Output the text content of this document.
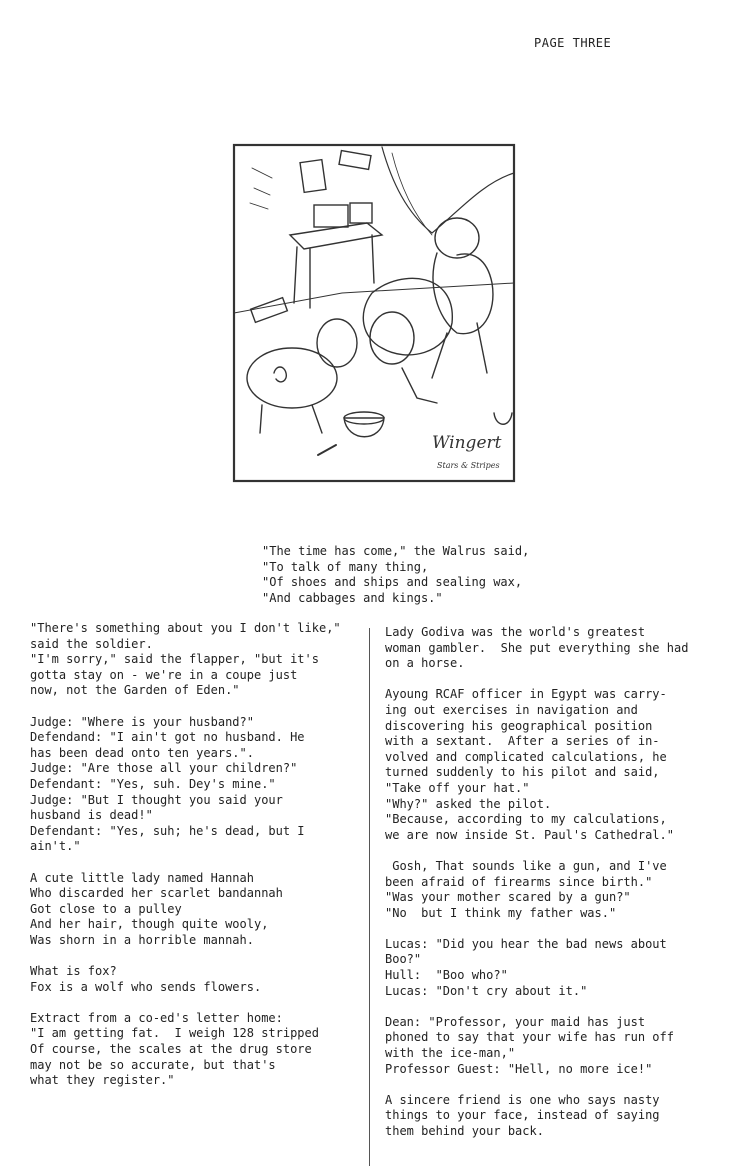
PAGE THREE
Wingert
Stars & Stripes
"The time has come," the Walrus said,
"To talk of many thing,
"Of shoes and ships and sealing wax,
"And cabbages and kings."
"There's something about you I don't like,"
said the soldier.
"I'm sorry," said the flapper, "but it's
gotta stay on - we're in a coupe just
now, not the Garden of Eden."
Judge: "Where is your husband?"
Defendand: "I ain't got no husband. He
has been dead onto ten years.".
Judge: "Are those all your children?"
Defendant: "Yes, suh. Dey's mine."
Judge: "But I thought you said your
husband is dead!"
Defendant: "Yes, suh; he's dead, but I
ain't."
A cute little lady named Hannah
Who discarded her scarlet bandannah
Got close to a pulley
And her hair, though quite wooly,
Was shorn in a horrible mannah.
What is fox?
Fox is a wolf who sends flowers.
Extract from a co-ed's letter home:
"I am getting fat.  I weigh 128 stripped
Of course, the scales at the drug store
may not be so accurate, but that's
what they register."
Lady Godiva was the world's greatest
woman gambler.  She put everything she had
on a horse.
Ayoung RCAF officer in Egypt was carry-
ing out exercises in navigation and
discovering his geographical position
with a sextant.  After a series of in-
volved and complicated calculations, he
turned suddenly to his pilot and said,
"Take off your hat."
"Why?" asked the pilot.
"Because, according to my calculations,
we are now inside St. Paul's Cathedral."
Gosh, That sounds like a gun, and I've
been afraid of firearms since birth."
"Was your mother scared by a gun?"
"No  but I think my father was."
Lucas: "Did you hear the bad news about
Boo?"
Hull:  "Boo who?"
Lucas: "Don't cry about it."
Dean: "Professor, your maid has just
phoned to say that your wife has run off
with the ice-man,"
Professor Guest: "Hell, no more ice!"
A sincere friend is one who says nasty
things to your face, instead of saying
them behind your back.
